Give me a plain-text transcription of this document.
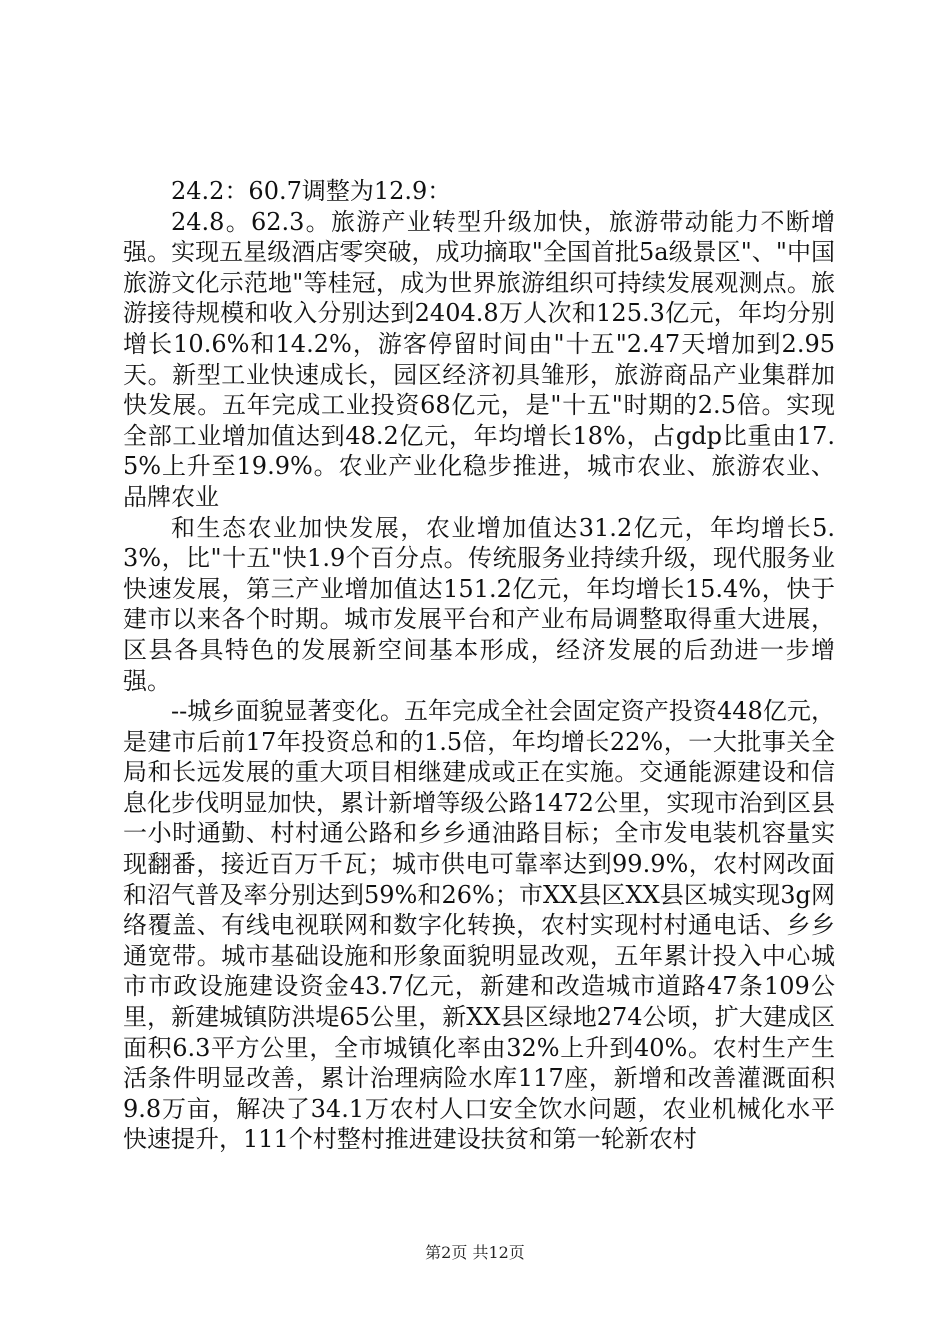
24.2：60.7调整为12.9：

24.8。62.3。旅游产业转型升级加快，旅游带动能力不断增强。实现五星级酒店零突破，成功摘取"全国首批5a级景区"、"中国旅游文化示范地"等桂冠，成为世界旅游组织可持续发展观测点。旅游接待规模和收入分别达到2404.8万人次和125.3亿元，年均分别增长10.6%和14.2%，游客停留时间由"十五"2.47天增加到2.95天。新型工业快速成长，园区经济初具雏形，旅游商品产业集群加快发展。五年完成工业投资68亿元，是"十五"时期的2.5倍。实现全部工业增加值达到48.2亿元，年均增长18%，占gdp比重由17.5%上升至19.9%。农业产业化稳步推进，城市农业、旅游农业、品牌农业

和生态农业加快发展，农业增加值达31.2亿元，年均增长5.3%，比"十五"快1.9个百分点。传统服务业持续升级，现代服务业快速发展，第三产业增加值达151.2亿元，年均增长15.4%，快于建市以来各个时期。城市发展平台和产业布局调整取得重大进展，区县各具特色的发展新空间基本形成，经济发展的后劲进一步增强。

--城乡面貌显著变化。五年完成全社会固定资产投资448亿元，是建市后前17年投资总和的1.5倍，年均增长22%，一大批事关全局和长远发展的重大项目相继建成或正在实施。交通能源建设和信息化步伐明显加快，累计新增等级公路1472公里，实现市治到区县一小时通勤、村村通公路和乡乡通油路目标；全市发电装机容量实现翻番，接近百万千瓦；城市供电可靠率达到99.9%，农村网改面和沼气普及率分别达到59%和26%；市XX县区XX县区城实现3g网络覆盖、有线电视联网和数字化转换，农村实现村村通电话、乡乡通宽带。城市基础设施和形象面貌明显改观，五年累计投入中心城市市政设施建设资金43.7亿元，新建和改造城市道路47条109公里，新建城镇防洪堤65公里，新XX县区绿地274公顷，扩大建成区面积6.3平方公里，全市城镇化率由32%上升到40%。农村生产生活条件明显改善，累计治理病险水库117座，新增和改善灌溉面积9.8万亩，解决了34.1万农村人口安全饮水问题，农业机械化水平快速提升，111个村整村推进建设扶贫和第一轮新农村

第2页 共12页
